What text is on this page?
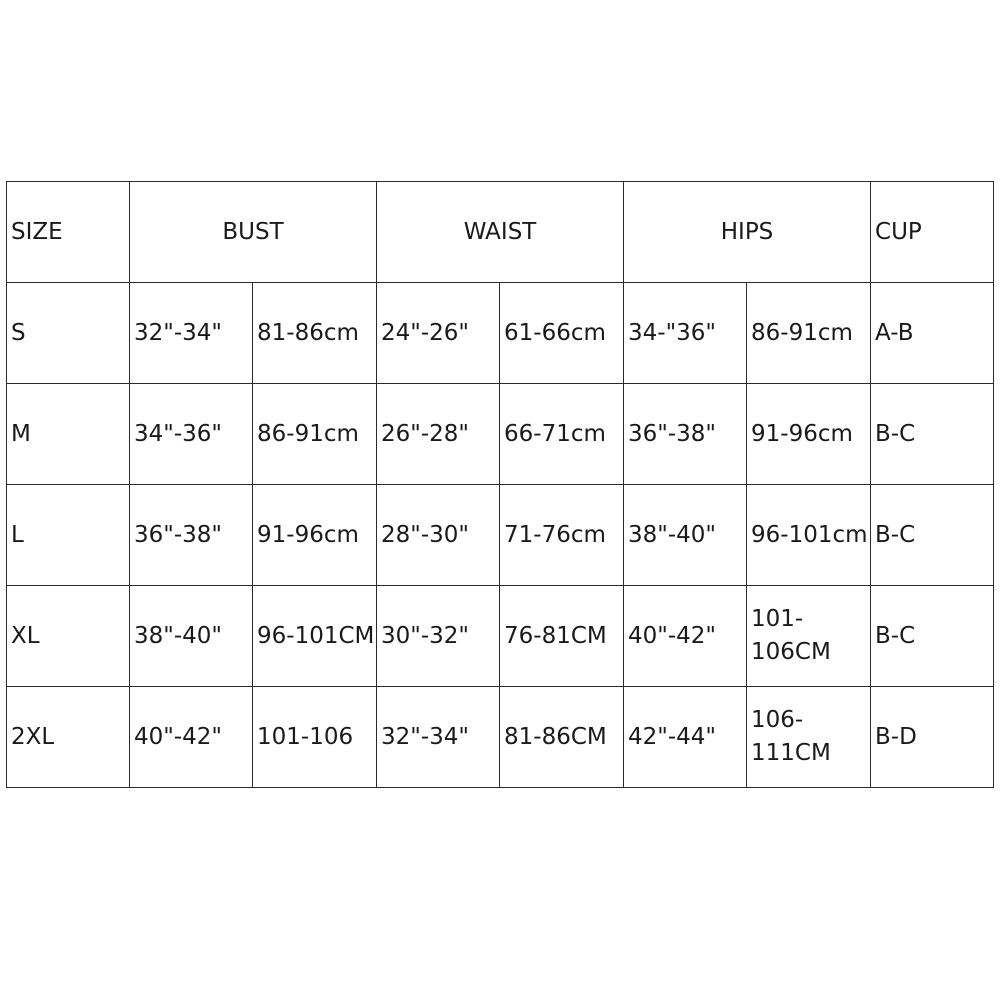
SIZE	BUST		WAIST		HIPS		CUP
S	32"-34"	81-86cm	24"-26"	61-66cm	34-"36"	86-91cm	A-B
M	34"-36"	86-91cm	26"-28"	66-71cm	36"-38"	91-96cm	B-C
L	36"-38"	91-96cm	28"-30"	71-76cm	38"-40"	96-101cm	B-C
XL	38"-40"	96-101CM	30"-32"	76-81CM	40"-42"	101-106CM	B-C
2XL	40"-42"	101-106	32"-34"	81-86CM	42"-44"	106-111CM	B-D
